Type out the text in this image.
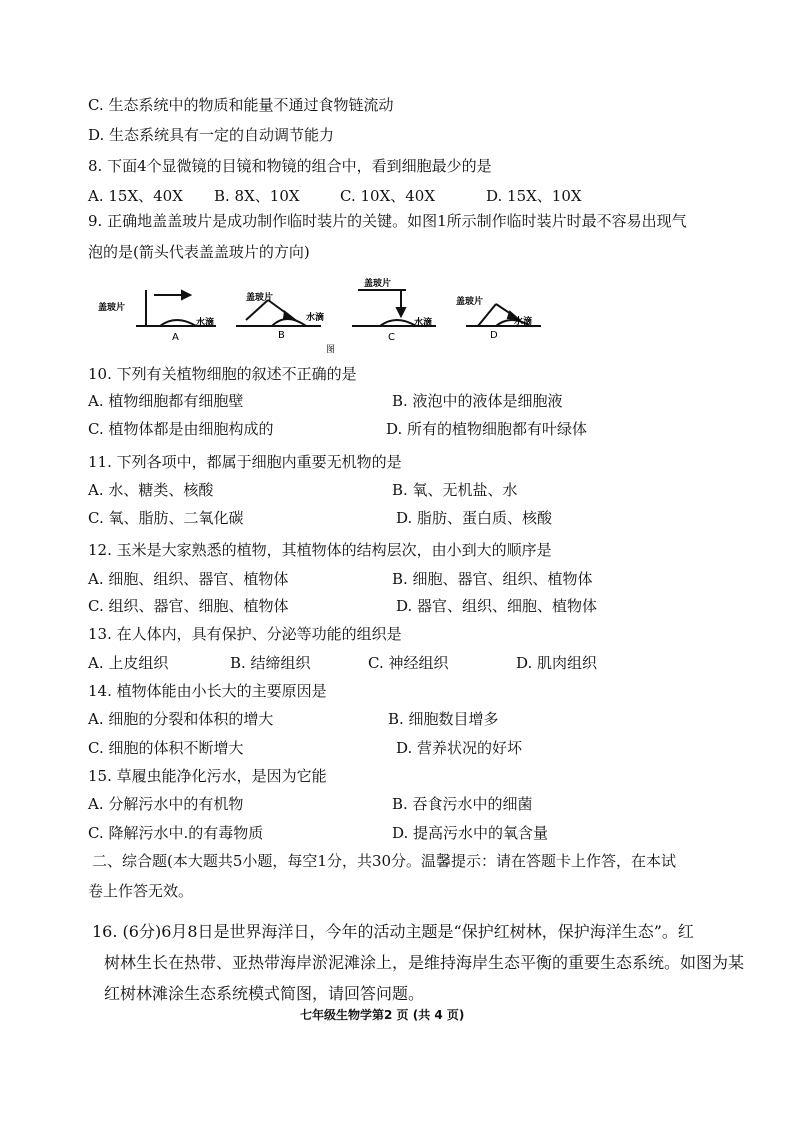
C. 生态系统中的物质和能量不通过食物链流动
D. 生态系统具有一定的自动调节能力
8. 下面4个显微镜的目镜和物镜的组合中，看到细胞最少的是
A. 15X、40X B. 8X、10X	C. 10X、40X	D. 15X、10X
9. 正确地盖盖玻片是成功制作临时装片的关键。如图1所示制作临时装片时最不容易出现气
泡的是(箭头代表盖盖玻片的方向)
盖玻片
水滴
盖玻片
水滴
盖玻片
水滴
盖玻片
水滴
A	B	C	D
图
10. 下列有关植物细胞的叙述不正确的是
A. 植物细胞都有细胞壁	B. 液泡中的液体是细胞液
C. 植物体都是由细胞构成的	D. 所有的植物细胞都有叶绿体
11. 下列各项中，都属于细胞内重要无机物的是
A. 水、糖类、核酸	B. 氧、无机盐、水
C. 氧、脂肪、二氧化碳	D. 脂肪、蛋白质、核酸
12. 玉米是大家熟悉的植物，其植物体的结构层次，由小到大的顺序是
A. 细胞、组织、器官、植物体	B. 细胞、器官、组织、植物体
C. 组织、器官、细胞、植物体	D. 器官、组织、细胞、植物体
13. 在人体内，具有保护、分泌等功能的组织是
A. 上皮组织	B. 结缔组织	C. 神经组织	D. 肌肉组织
14. 植物体能由小长大的主要原因是
A. 细胞的分裂和体积的增大	B. 细胞数目增多
C. 细胞的体积不断增大	D. 营养状况的好坏
15. 草履虫能净化污水，是因为它能
A. 分解污水中的有机物	B. 吞食污水中的细菌
C. 降解污水中.的有毒物质	D. 提高污水中的氧含量
二、综合题(本大题共5小题，每空1分，共30分。温馨提示：请在答题卡上作答，在本试
卷上作答无效。
16. (6分)6月8日是世界海洋日，今年的活动主题是“保护红树林，保护海洋生态”。红
树林生长在热带、亚热带海岸淤泥滩涂上，是维持海岸生态平衡的重要生态系统。如图为某
红树林滩涂生态系统模式简图，请回答问题。
七年级生物学第2 页 (共 4 页)
